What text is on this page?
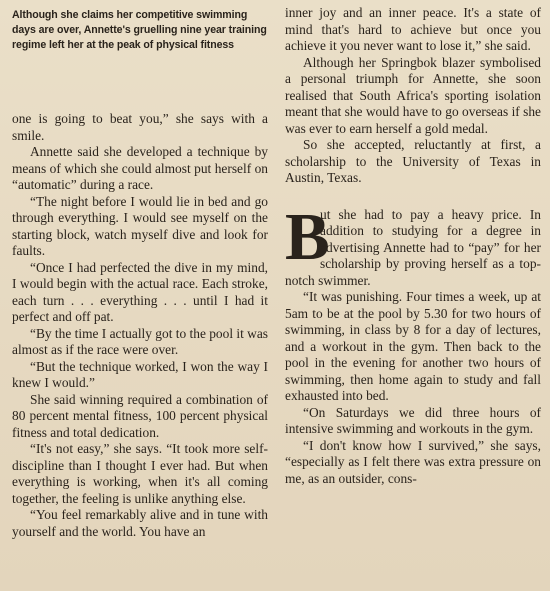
Although she claims her competitive swimming days are over, Annette's gruelling nine year training regime left her at the peak of physical fitness

one is going to beat you,” she says with a smile.

Annette said she developed a technique by means of which she could almost put herself on “automatic” during a race.

“The night before I would lie in bed and go through everything. I would see myself on the starting block, watch myself dive and look for faults.

“Once I had perfected the dive in my mind, I would begin with the actual race. Each stroke, each turn . . . everything . . . until I had it perfect and off pat.

“By the time I actually got to the pool it was almost as if the race were over.

“But the technique worked, I won the way I knew I would.”

She said winning required a combination of 80 percent mental fitness, 100 percent physical fitness and total dedication.

“It's not easy,” she says. “It took more self-discipline than I thought I ever had. But when everything is working, when it's all coming together, the feeling is unlike anything else.

“You feel remarkably alive and in tune with yourself and the world. You have an

inner joy and an inner peace. It's a state of mind that's hard to achieve but once you achieve it you never want to lose it,” she said.

Although her Springbok blazer symbolised a personal triumph for Annette, she soon realised that South Africa's sporting isolation meant that she would have to go overseas if she was ever to earn herself a gold medal.

So she accepted, reluctantly at first, a scholarship to the University of Texas in Austin, Texas.

B
ut she had to pay a heavy price. In addition to studying for a degree in advertising Annette had to “pay” for her scholarship by proving herself as a top-notch swimmer.

“It was punishing. Four times a week, up at 5am to be at the pool by 5.30 for two hours of swimming, in class by 8 for a day of lectures, and a workout in the gym. Then back to the pool in the evening for another two hours of swimming, then home again to study and fall exhausted into bed.

“On Saturdays we did three hours of intensive swimming and workouts in the gym.

“I don't know how I survived,” she says, “especially as I felt there was extra pressure on me, as an outsider, cons-
